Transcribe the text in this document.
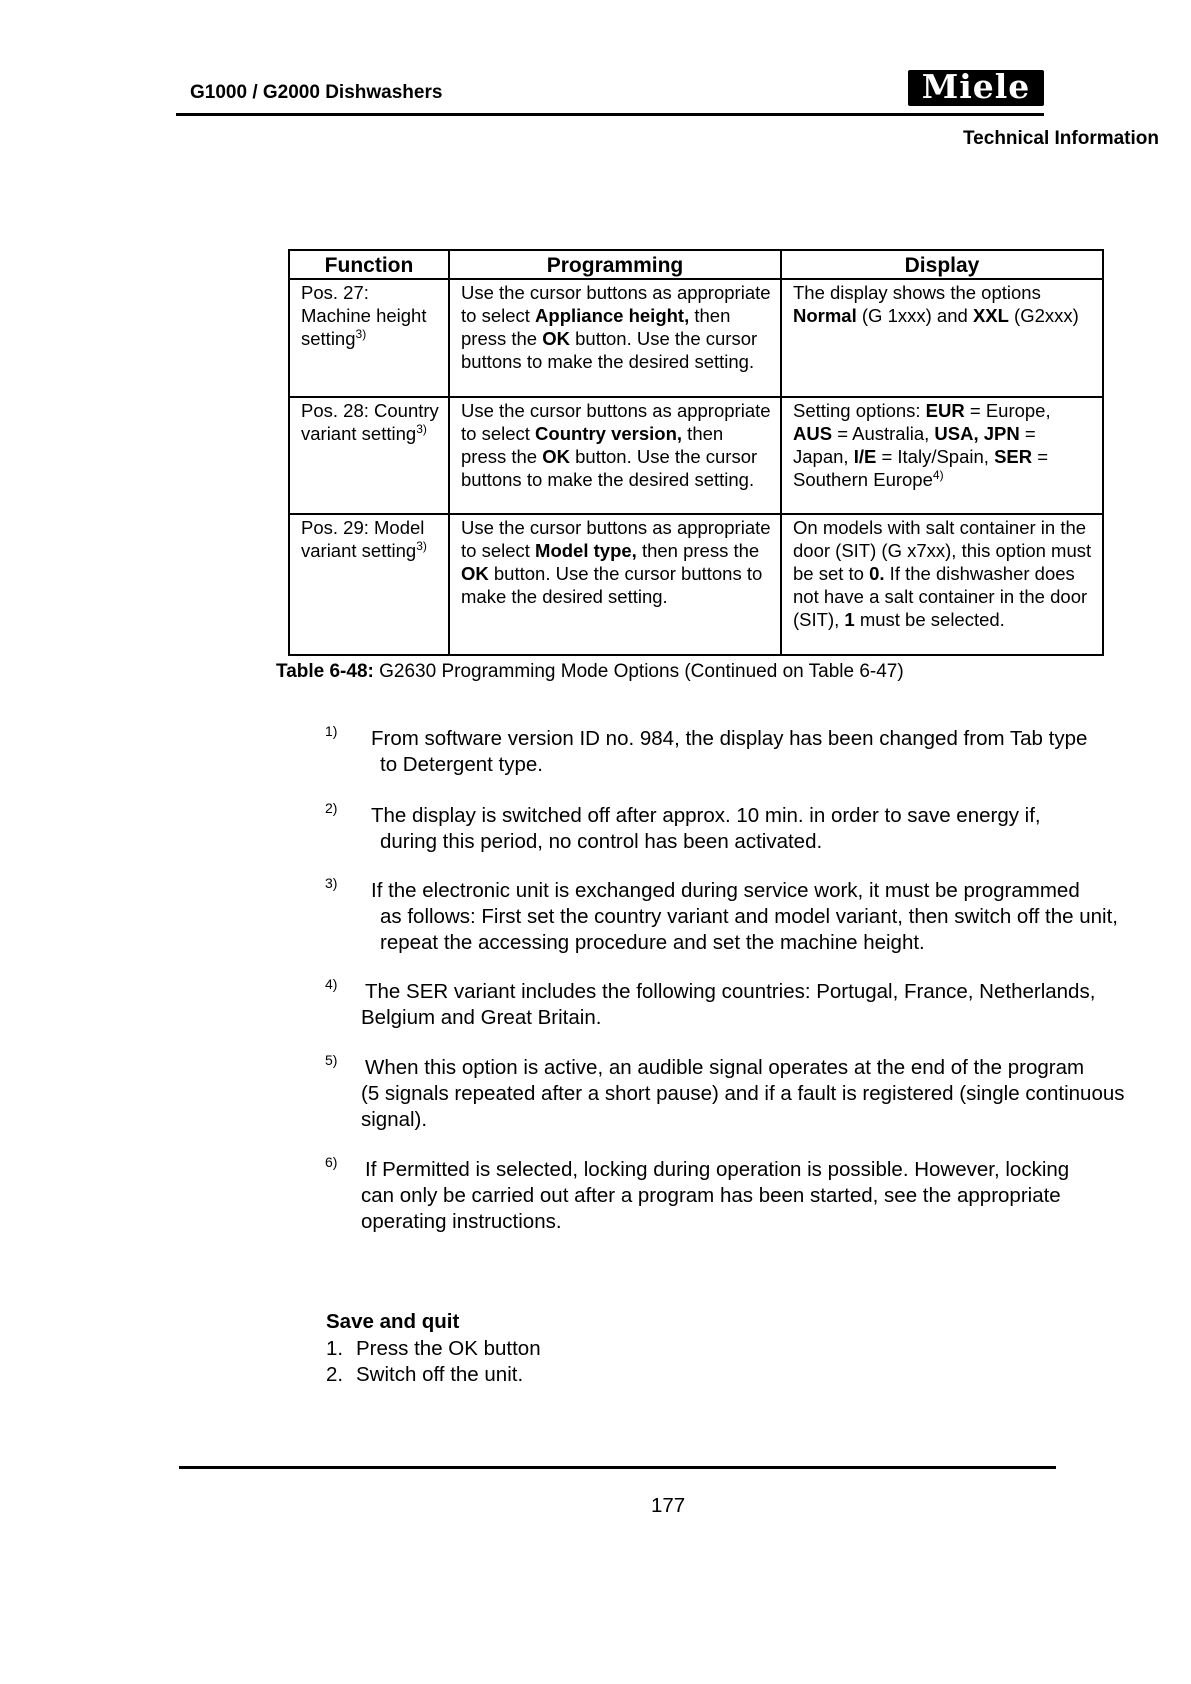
G1000 / G2000 Dishwashers	Miele
Technical Information
Function	Programming	Display
Pos. 27: Machine height setting$^{3)}$	Use the cursor buttons as appropriate to select Appliance height, then press the OK button. Use the cursor buttons to make the desired setting.	The display shows the options Normal (G 1xxx) and XXL (G2xxx)
Pos. 28: Country variant setting$^{3)}$	Use the cursor buttons as appropriate to select Country version, then press the OK button. Use the cursor buttons to make the desired setting.	Setting options: EUR = Europe, AUS = Australia, USA, JPN = Japan, I/E = Italy/Spain, SER = Southern Europe$^{4)}$
Pos. 29: Model variant setting$^{3)}$	Use the cursor buttons as appropriate to select Model type, then press the OK button. Use the cursor buttons to make the desired setting.	On models with salt container in the door (SIT) (G x7xx), this option must be set to 0. If the dishwasher does not have a salt container in the door (SIT), 1 must be selected.
Table 6-48: G2630 Programming Mode Options (Continued on Table 6-47)
1) From software version ID no. 984, the display has been changed from Tab type
to Detergent type.
2) The display is switched off after approx. 10 min. in order to save energy if,
during this period, no control has been activated.
3) If the electronic unit is exchanged during service work, it must be programmed
as follows: First set the country variant and model variant, then switch off the unit, repeat the accessing procedure and set the machine height.
4) The SER variant includes the following countries: Portugal, France, Netherlands,
Belgium and Great Britain.
5) When this option is active, an audible signal operates at the end of the program
(5 signals repeated after a short pause) and if a fault is registered (single continuous signal).
6) If Permitted is selected, locking during operation is possible. However, locking
can only be carried out after a program has been started, see the appropriate operating instructions.
Save and quit
1. Press the OK button
2. Switch off the unit.
177
